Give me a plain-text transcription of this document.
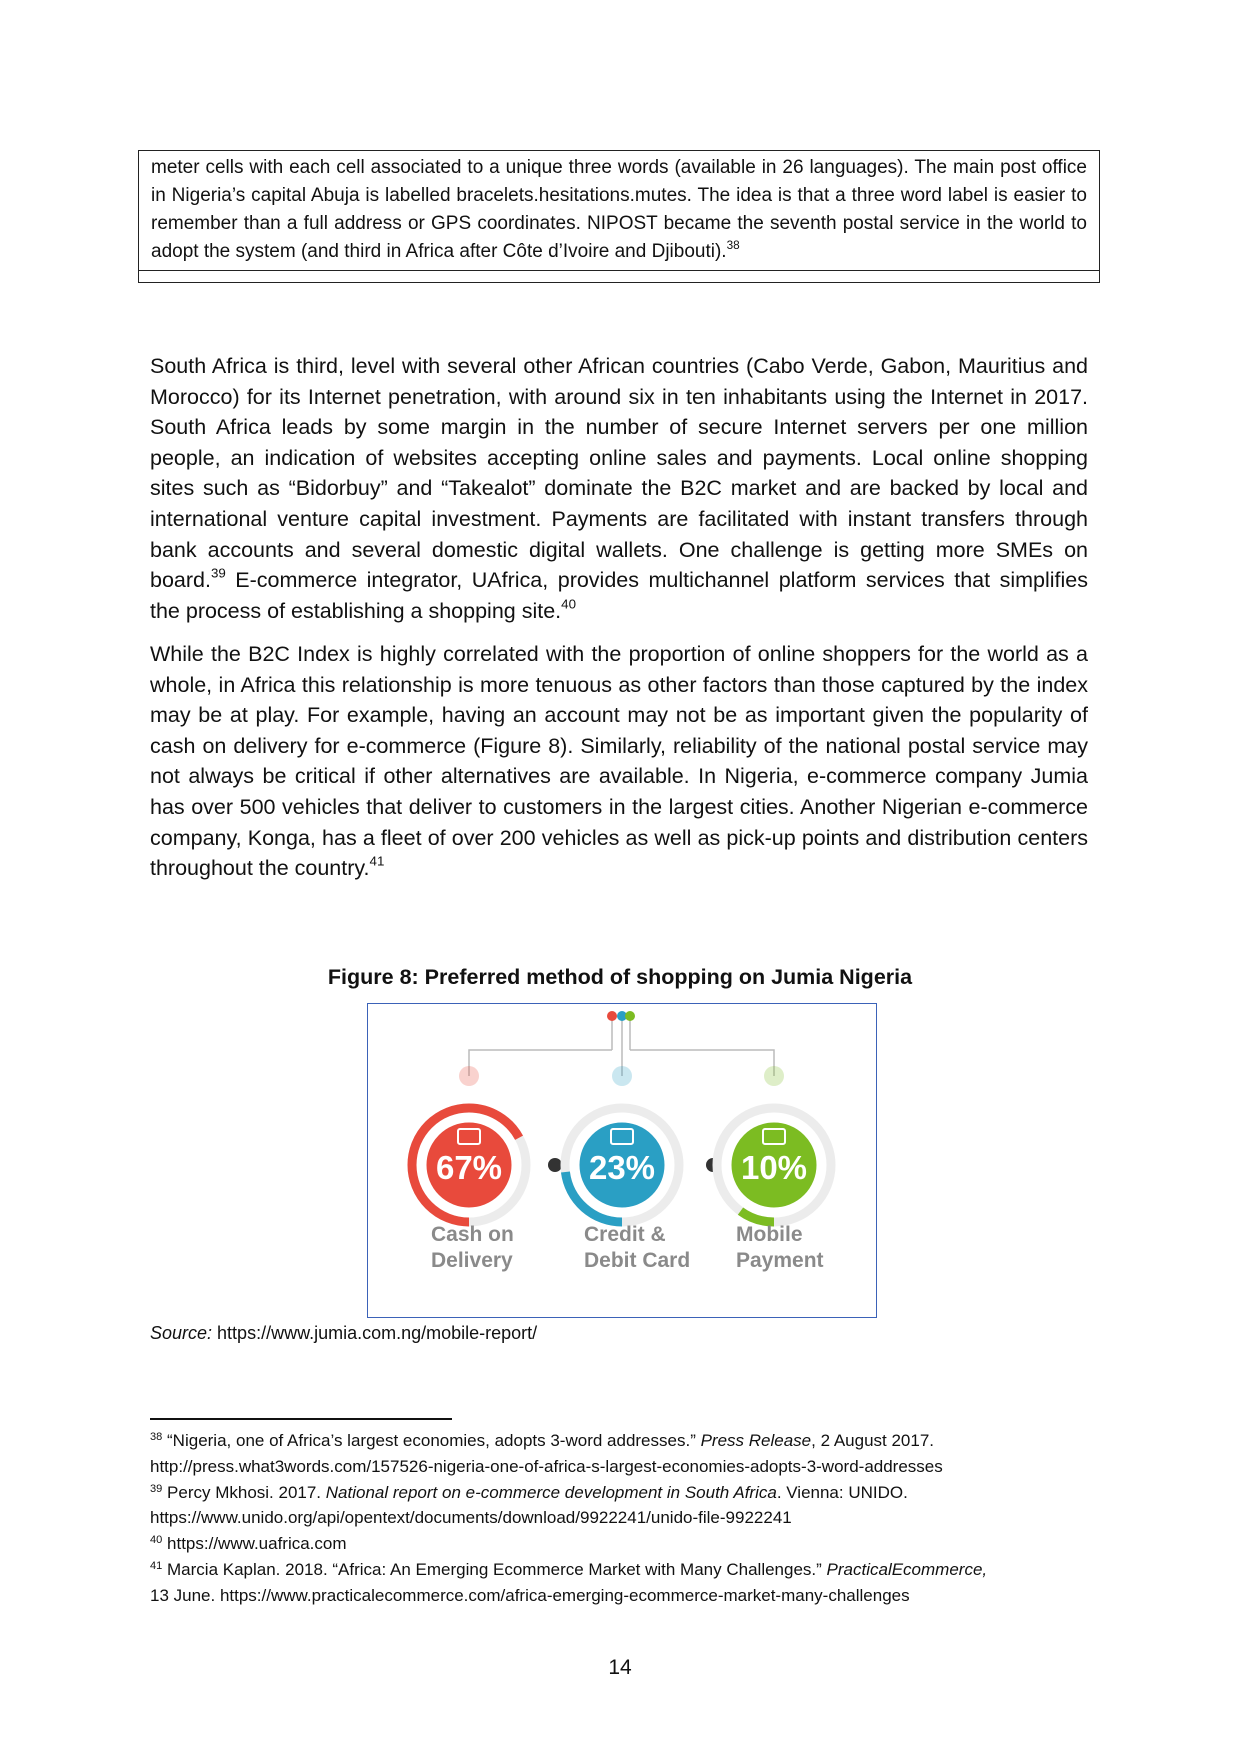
meter cells with each cell associated to a unique three words (available in 26 languages). The main post office in Nigeria’s capital Abuja is labelled bracelets.hesitations.mutes. The idea is that a three word label is easier to remember than a full address or GPS coordinates. NIPOST became the seventh postal service in the world to adopt the system (and third in Africa after Côte d’Ivoire and Djibouti).$^{38}$

South Africa is third, level with several other African countries (Cabo Verde, Gabon, Mauritius and Morocco) for its Internet penetration, with around six in ten inhabitants using the Internet in 2017. South Africa leads by some margin in the number of secure Internet servers per one million people, an indication of websites accepting online sales and payments. Local online shopping sites such as “Bidorbuy” and “Takealot” dominate the B2C market and are backed by local and international venture capital investment. Payments are facilitated with instant transfers through bank accounts and several domestic digital wallets. One challenge is getting more SMEs on board.$^{39}$ E-commerce integrator, UAfrica, provides multichannel platform services that simplifies the process of establishing a shopping site.$^{40}$

While the B2C Index is highly correlated with the proportion of online shoppers for the world as a whole, in Africa this relationship is more tenuous as other factors than those captured by the index may be at play. For example, having an account may not be as important given the popularity of cash on delivery for e-commerce (Figure 8). Similarly, reliability of the national postal service may not always be critical if other alternatives are available. In Nigeria, e-commerce company Jumia has over 500 vehicles that deliver to customers in the largest cities. Another Nigerian e-commerce company, Konga, has a fleet of over 200 vehicles as well as pick-up points and distribution centers throughout the country.$^{41}$

Figure 8: Preferred method of shopping on Jumia Nigeria
67%
Cash on
Delivery
23%
Credit &
Debit Card
10%
Mobile
Payment
Source: https://www.jumia.com.ng/mobile-report/

$^{38}$ “Nigeria, one of Africa’s largest economies, adopts 3-word addresses.” Press Release, 2 August 2017.

http://press.what3words.com/157526-nigeria-one-of-africa-s-largest-economies-adopts-3-word-addresses

$^{39}$ Percy Mkhosi. 2017. National report on e-commerce development in South Africa. Vienna: UNIDO.

https://www.unido.org/api/opentext/documents/download/9922241/unido-file-9922241

$^{40}$ https://www.uafrica.com

$^{41}$ Marcia Kaplan. 2018. “Africa: An Emerging Ecommerce Market with Many Challenges.” PracticalEcommerce,

13 June. https://www.practicalecommerce.com/africa-emerging-ecommerce-market-many-challenges

14
